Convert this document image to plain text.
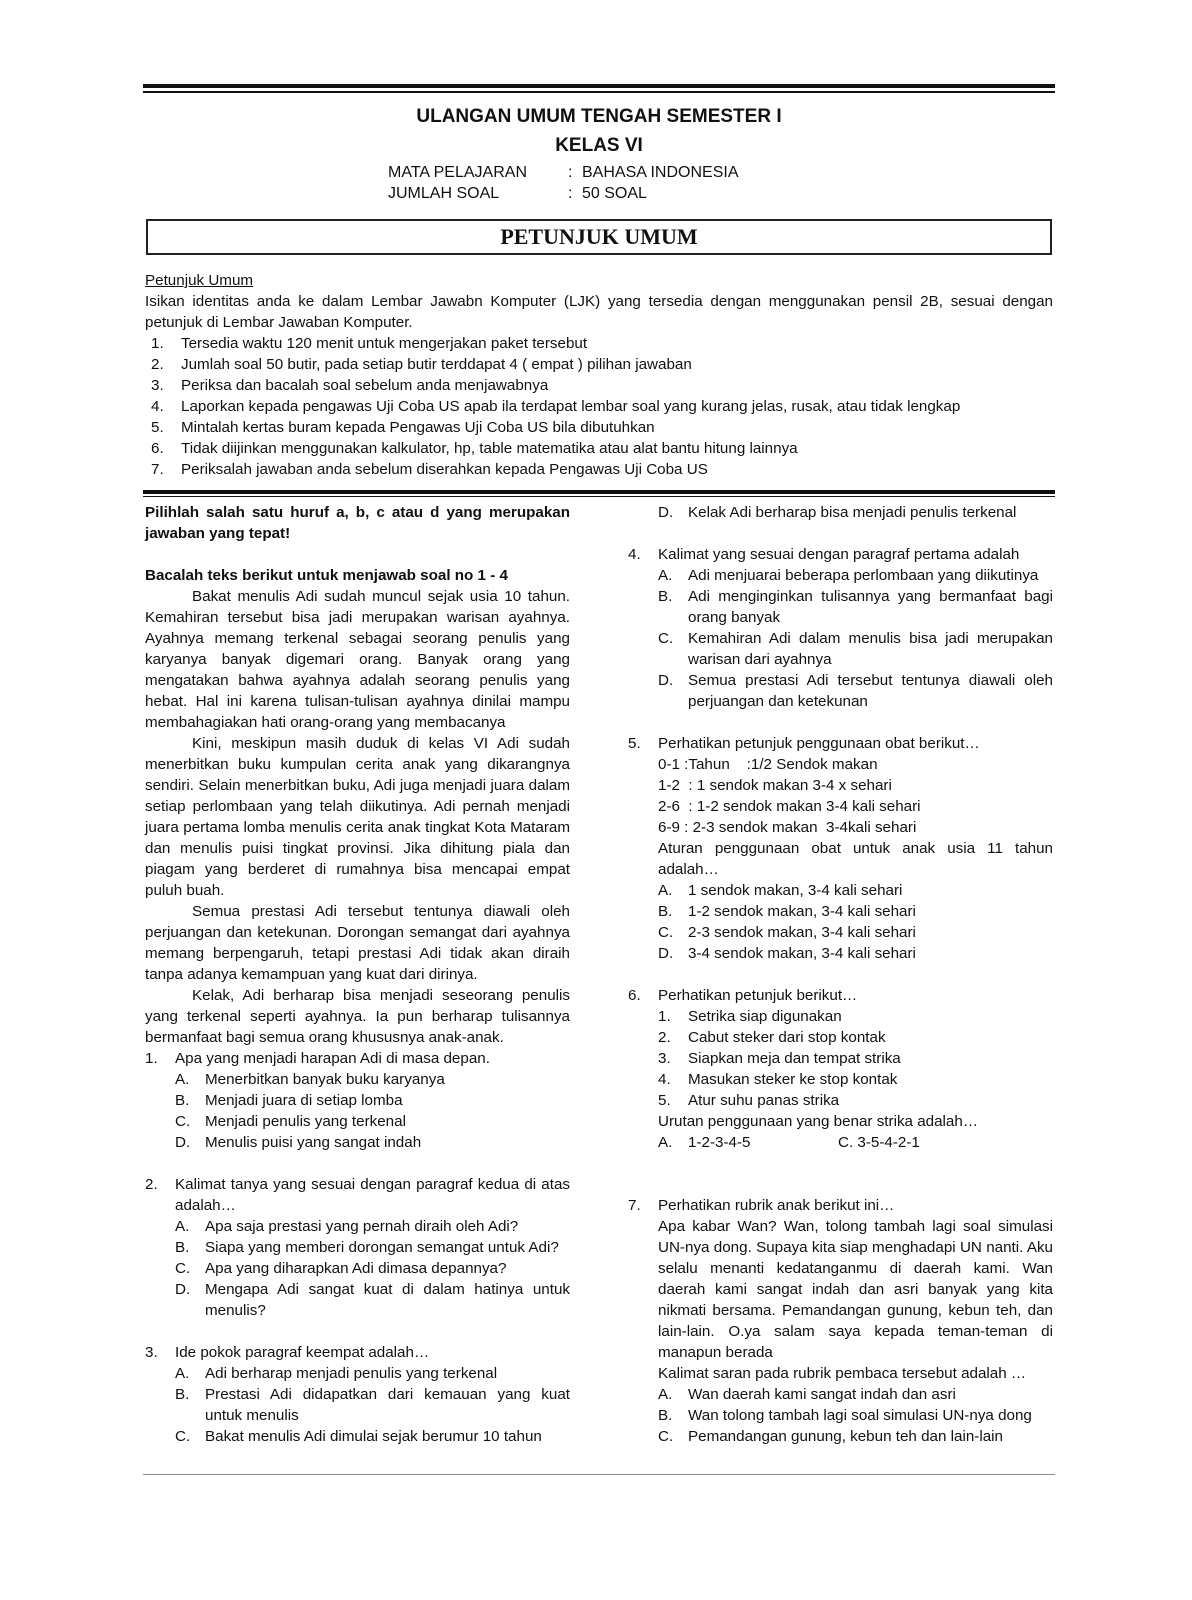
ULANGAN UMUM TENGAH SEMESTER I
KELAS VI
MATA PELAJARAN	: BAHASA INDONESIA
JUMLAH SOAL	: 50 SOAL
PETUNJUK UMUM
Petunjuk Umum
Isikan identitas anda ke dalam Lembar Jawabn Komputer (LJK) yang tersedia dengan menggunakan pensil 2B, sesuai dengan petunjuk di Lembar Jawaban Komputer.
1.	Tersedia waktu 120 menit untuk mengerjakan paket tersebut
2.	Jumlah soal 50 butir, pada setiap butir terddapat 4 ( empat ) pilihan jawaban
3.	Periksa dan bacalah soal sebelum anda menjawabnya
4.	Laporkan kepada pengawas Uji Coba US apab ila terdapat lembar soal yang kurang jelas, rusak, atau tidak lengkap
5.	Mintalah kertas buram kepada Pengawas Uji Coba US bila dibutuhkan
6.	Tidak diijinkan menggunakan kalkulator, hp, table matematika atau alat bantu hitung lainnya
7.	Periksalah jawaban anda sebelum diserahkan kepada Pengawas Uji Coba US
Pilihlah salah satu huruf a, b, c atau d yang merupakan jawaban yang tepat!
Bacalah teks berikut untuk menjawab soal no 1 - 4
Bakat menulis Adi sudah muncul sejak usia 10 tahun. Kemahiran tersebut bisa jadi merupakan warisan ayahnya. Ayahnya memang terkenal sebagai seorang penulis yang karyanya banyak digemari orang. Banyak orang yang mengatakan bahwa ayahnya adalah seorang penulis yang hebat. Hal ini karena tulisan-tulisan ayahnya dinilai mampu membahagiakan hati orang-orang yang membacanya
Kini, meskipun masih duduk di kelas VI Adi sudah menerbitkan buku kumpulan cerita anak yang dikarangnya sendiri. Selain menerbitkan buku, Adi juga menjadi juara dalam setiap perlombaan yang telah diikutinya. Adi pernah menjadi juara pertama lomba menulis cerita anak tingkat Kota Mataram dan menulis puisi tingkat provinsi. Jika dihitung piala dan piagam yang berderet di rumahnya bisa mencapai empat puluh buah.
Semua prestasi Adi tersebut tentunya diawali oleh perjuangan dan ketekunan. Dorongan semangat dari ayahnya memang berpengaruh, tetapi prestasi Adi tidak akan diraih tanpa adanya kemampuan yang kuat dari dirinya.
Kelak, Adi berharap bisa menjadi seseorang penulis yang terkenal seperti ayahnya. Ia pun berharap tulisannya bermanfaat bagi semua orang khususnya anak-anak.
1.	Apa yang menjadi harapan Adi di masa depan.
A.	Menerbitkan banyak buku karyanya
B.	Menjadi juara di setiap lomba
C. Menjadi penulis yang terkenal
D. Menulis puisi yang sangat indah
2.	Kalimat tanya yang sesuai dengan paragraf kedua di atas adalah…
A.	Apa saja prestasi yang pernah diraih oleh Adi?
B.	Siapa yang memberi dorongan semangat untuk Adi?
C. Apa yang diharapkan Adi dimasa depannya?
D. Mengapa Adi sangat kuat di dalam hatinya untuk menulis?
3.	Ide pokok paragraf keempat adalah…
A.	Adi berharap menjadi penulis yang terkenal
B.	Prestasi Adi didapatkan dari kemauan yang kuat untuk menulis
C. Bakat menulis Adi dimulai sejak berumur 10 tahun
D. Kelak Adi berharap bisa menjadi penulis terkenal
4.	Kalimat yang sesuai dengan paragraf pertama adalah
A.	Adi menjuarai beberapa perlombaan yang diikutinya
B.	Adi menginginkan tulisannya yang bermanfaat bagi orang banyak
C. Kemahiran Adi dalam menulis bisa jadi merupakan warisan dari ayahnya
D. Semua prestasi Adi tersebut tentunya diawali oleh perjuangan dan ketekunan
5.	Perhatikan petunjuk penggunaan obat berikut…
0-1 :Tahun    :1/2 Sendok makan
1-2  : 1 sendok makan 3-4 x sehari
2-6  : 1-2 sendok makan 3-4 kali sehari
6-9 : 2-3 sendok makan  3-4kali sehari
Aturan penggunaan obat untuk anak usia 11 tahun adalah…
A.	1 sendok makan, 3-4 kali sehari
B.	1-2 sendok makan, 3-4 kali sehari
C. 2-3 sendok makan, 3-4 kali sehari
D. 3-4 sendok makan, 3-4 kali sehari
6.	Perhatikan petunjuk berikut…
1.	Setrika siap digunakan
2.	Cabut steker dari stop kontak
3.	Siapkan meja dan tempat strika
4.	Masukan steker ke stop kontak
5.	Atur suhu panas strika
Urutan penggunaan yang benar strika adalah…
A.	1-2-3-4-5	C. 3-5-4-2-1
7.	Perhatikan rubrik anak berikut ini…
Apa kabar Wan? Wan, tolong tambah lagi soal simulasi UN-nya dong. Supaya kita siap menghadapi UN nanti. Aku selalu menanti kedatanganmu di daerah kami. Wan daerah kami sangat indah dan asri banyak yang kita nikmati bersama. Pemandangan gunung, kebun teh, dan lain-lain. O.ya salam saya kepada teman-teman di manapun berada
Kalimat saran pada rubrik pembaca tersebut adalah …
A.	Wan daerah kami sangat indah dan asri
B.	Wan tolong tambah lagi soal simulasi UN-nya dong
C. Pemandangan gunung, kebun teh dan lain-lain
